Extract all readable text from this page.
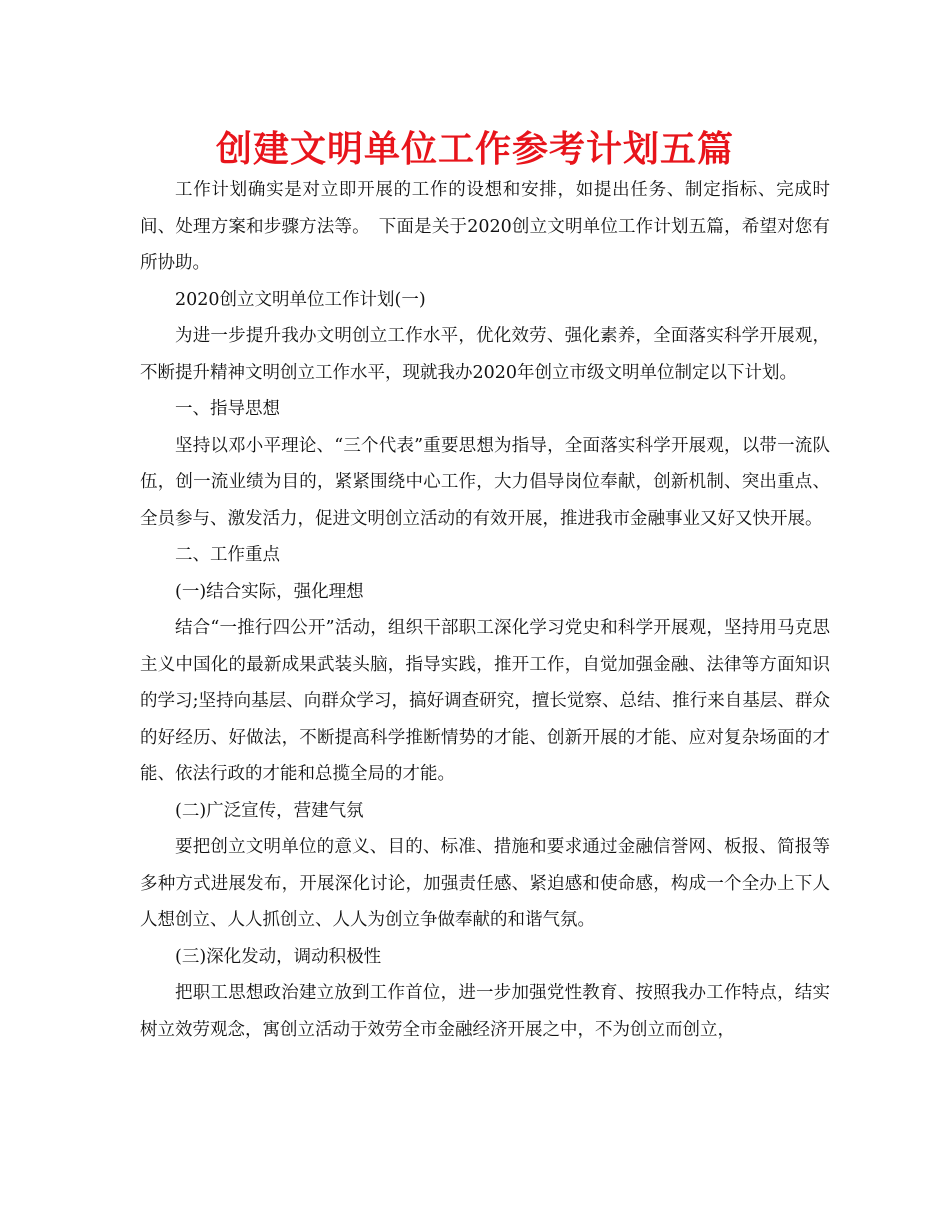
创建文明单位工作参考计划五篇

工作计划确实是对立即开展的工作的设想和安排，如提出任务、制定指标、完成时间、处理方案和步骤方法等。　下面是关于2020创立文明单位工作计划五篇，希望对您有所协助。

2020创立文明单位工作计划(一)

为进一步提升我办文明创立工作水平，优化效劳、强化素养，全面落实科学开展观，不断提升精神文明创立工作水平，现就我办2020年创立市级文明单位制定以下计划。

一、指导思想

坚持以邓小平理论、“三个代表”重要思想为指导，全面落实科学开展观，以带一流队伍，创一流业绩为目的，紧紧围绕中心工作，大力倡导岗位奉献，创新机制、突出重点、全员参与、激发活力，促进文明创立活动的有效开展，推进我市金融事业又好又快开展。

二、工作重点

(一)结合实际，强化理想

结合“一推行四公开”活动，组织干部职工深化学习党史和科学开展观，坚持用马克思主义中国化的最新成果武装头脑，指导实践，推开工作，自觉加强金融、法律等方面知识的学习;坚持向基层、向群众学习，搞好调查研究，擅长觉察、总结、推行来自基层、群众的好经历、好做法，不断提高科学推断情势的才能、创新开展的才能、应对复杂场面的才能、依法行政的才能和总揽全局的才能。

(二)广泛宣传，营建气氛

要把创立文明单位的意义、目的、标准、措施和要求通过金融信誉网、板报、简报等多种方式进展发布，开展深化讨论，加强责任感、紧迫感和使命感，构成一个全办上下人人想创立、人人抓创立、人人为创立争做奉献的和谐气氛。

(三)深化发动，调动积极性

把职工思想政治建立放到工作首位，进一步加强党性教育、按照我办工作特点，结实树立效劳观念，寓创立活动于效劳全市金融经济开展之中，不为创立而创立，
